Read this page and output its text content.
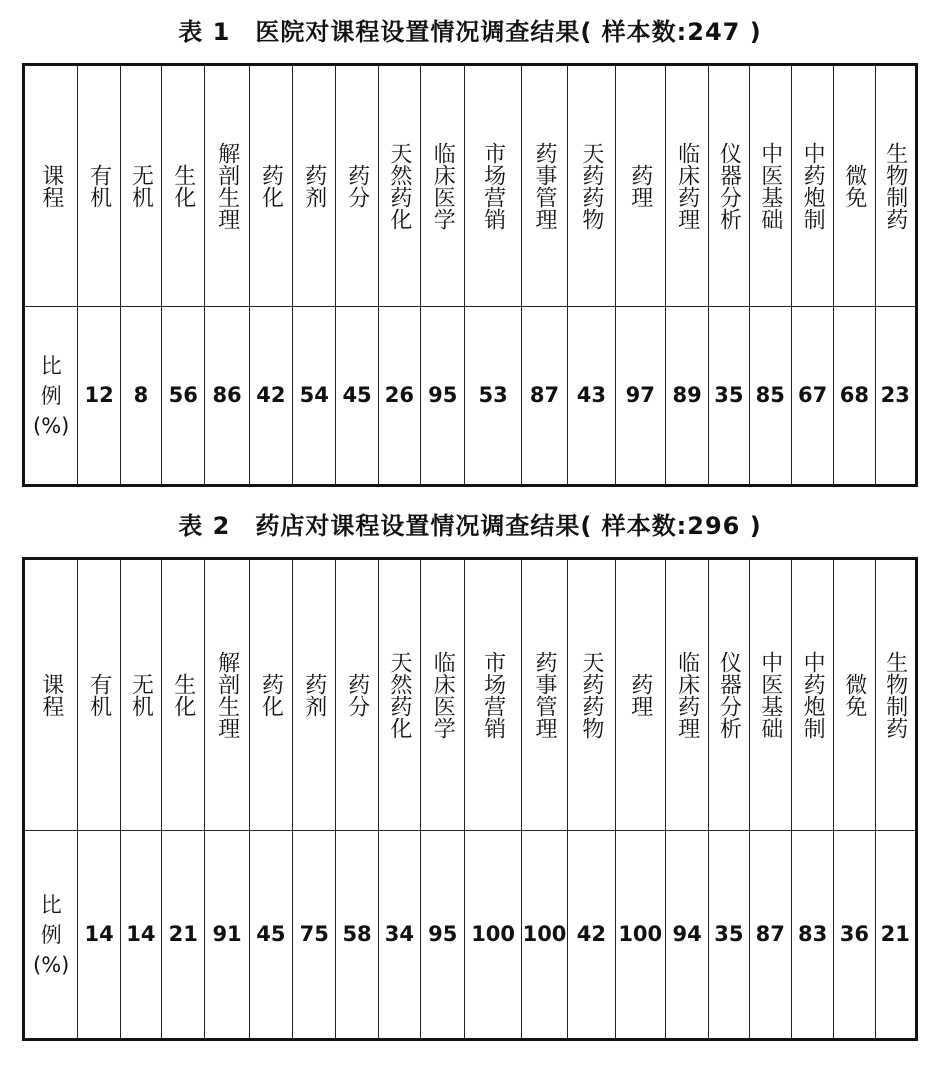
表 1　医院对课程设置情况调查结果( 样本数:247 )
课程	有机	无机	生化	解剖生理	药化	药剂	药分	天然药化	临床医学	市场营销	药事管理	天药药物	药理	临床药理	仪器分析	中医基础	中药炮制	微免	生物制药
比
例
(%)	12	8	56	86	42	54	45	26	95	53	87	43	97	89	35	85	67	68	23
表 2　药店对课程设置情况调查结果( 样本数:296 )
课程	有机	无机	生化	解剖生理	药化	药剂	药分	天然药化	临床医学	市场营销	药事管理	天药药物	药理	临床药理	仪器分析	中医基础	中药炮制	微免	生物制药
比
例
(%)	14	14	21	91	45	75	58	34	95	100	100	42	100	94	35	87	83	36	21
